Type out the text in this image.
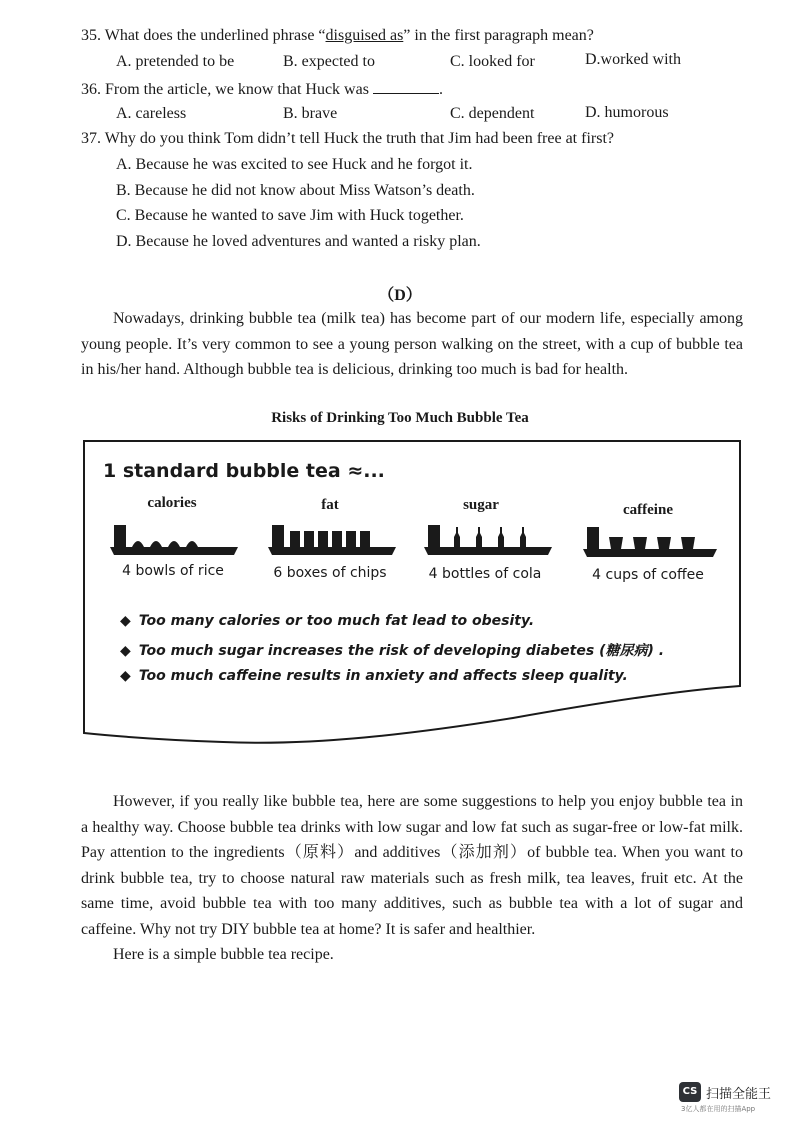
35. What does the underlined phrase “disguised as” in the first paragraph mean?
A. pretended to be	B. expected to	C. looked for	D.worked with
36. From the article, we know that Huck was	.
A. careless	B. brave	C. dependent	D. humorous
37. Why do you think Tom didn’t tell Huck the truth that Jim had been free at first?
A. Because he was excited to see Huck and he forgot it.
B. Because he did not know about Miss Watson’s death.
C. Because he wanted to save Jim with Huck together.
D. Because he loved adventures and wanted a risky plan.
（D）

Nowadays, drinking bubble tea (milk tea) has become part of our modern life, especially among young people. It’s very common to see a young person walking on the street, with a cup of bubble tea in his/her hand. Although bubble tea is delicious, drinking too much is bad for health.

Risks of Drinking Too Much Bubble Tea
1 standard bubble tea ≈...
calories	fat	sugar	caffeine
4 bowls of rice	6 boxes of chips	4 bottles of cola	4 cups of coffee
◆ Too many calories or too much fat lead to obesity.
◆ Too much sugar increases the risk of developing diabetes (糖尿病) .
◆ Too much caffeine results in anxiety and affects sleep quality.

However, if you really like bubble tea, here are some suggestions to help you enjoy bubble tea in a healthy way. Choose bubble tea drinks with low sugar and low fat such as sugar-free or low-fat milk. Pay attention to the ingredients（原料）and additives（添加剂）of bubble tea. When you want to drink bubble tea, try to choose natural raw materials such as fresh milk, tea leaves, fruit etc. At the same time, avoid bubble tea with too many additives, such as bubble tea with a lot of sugar and caffeine. Why not try DIY bubble tea at home? It is safer and healthier.

Here is a simple bubble tea recipe.

CS 扫描全能王
3亿人都在用的扫描App
